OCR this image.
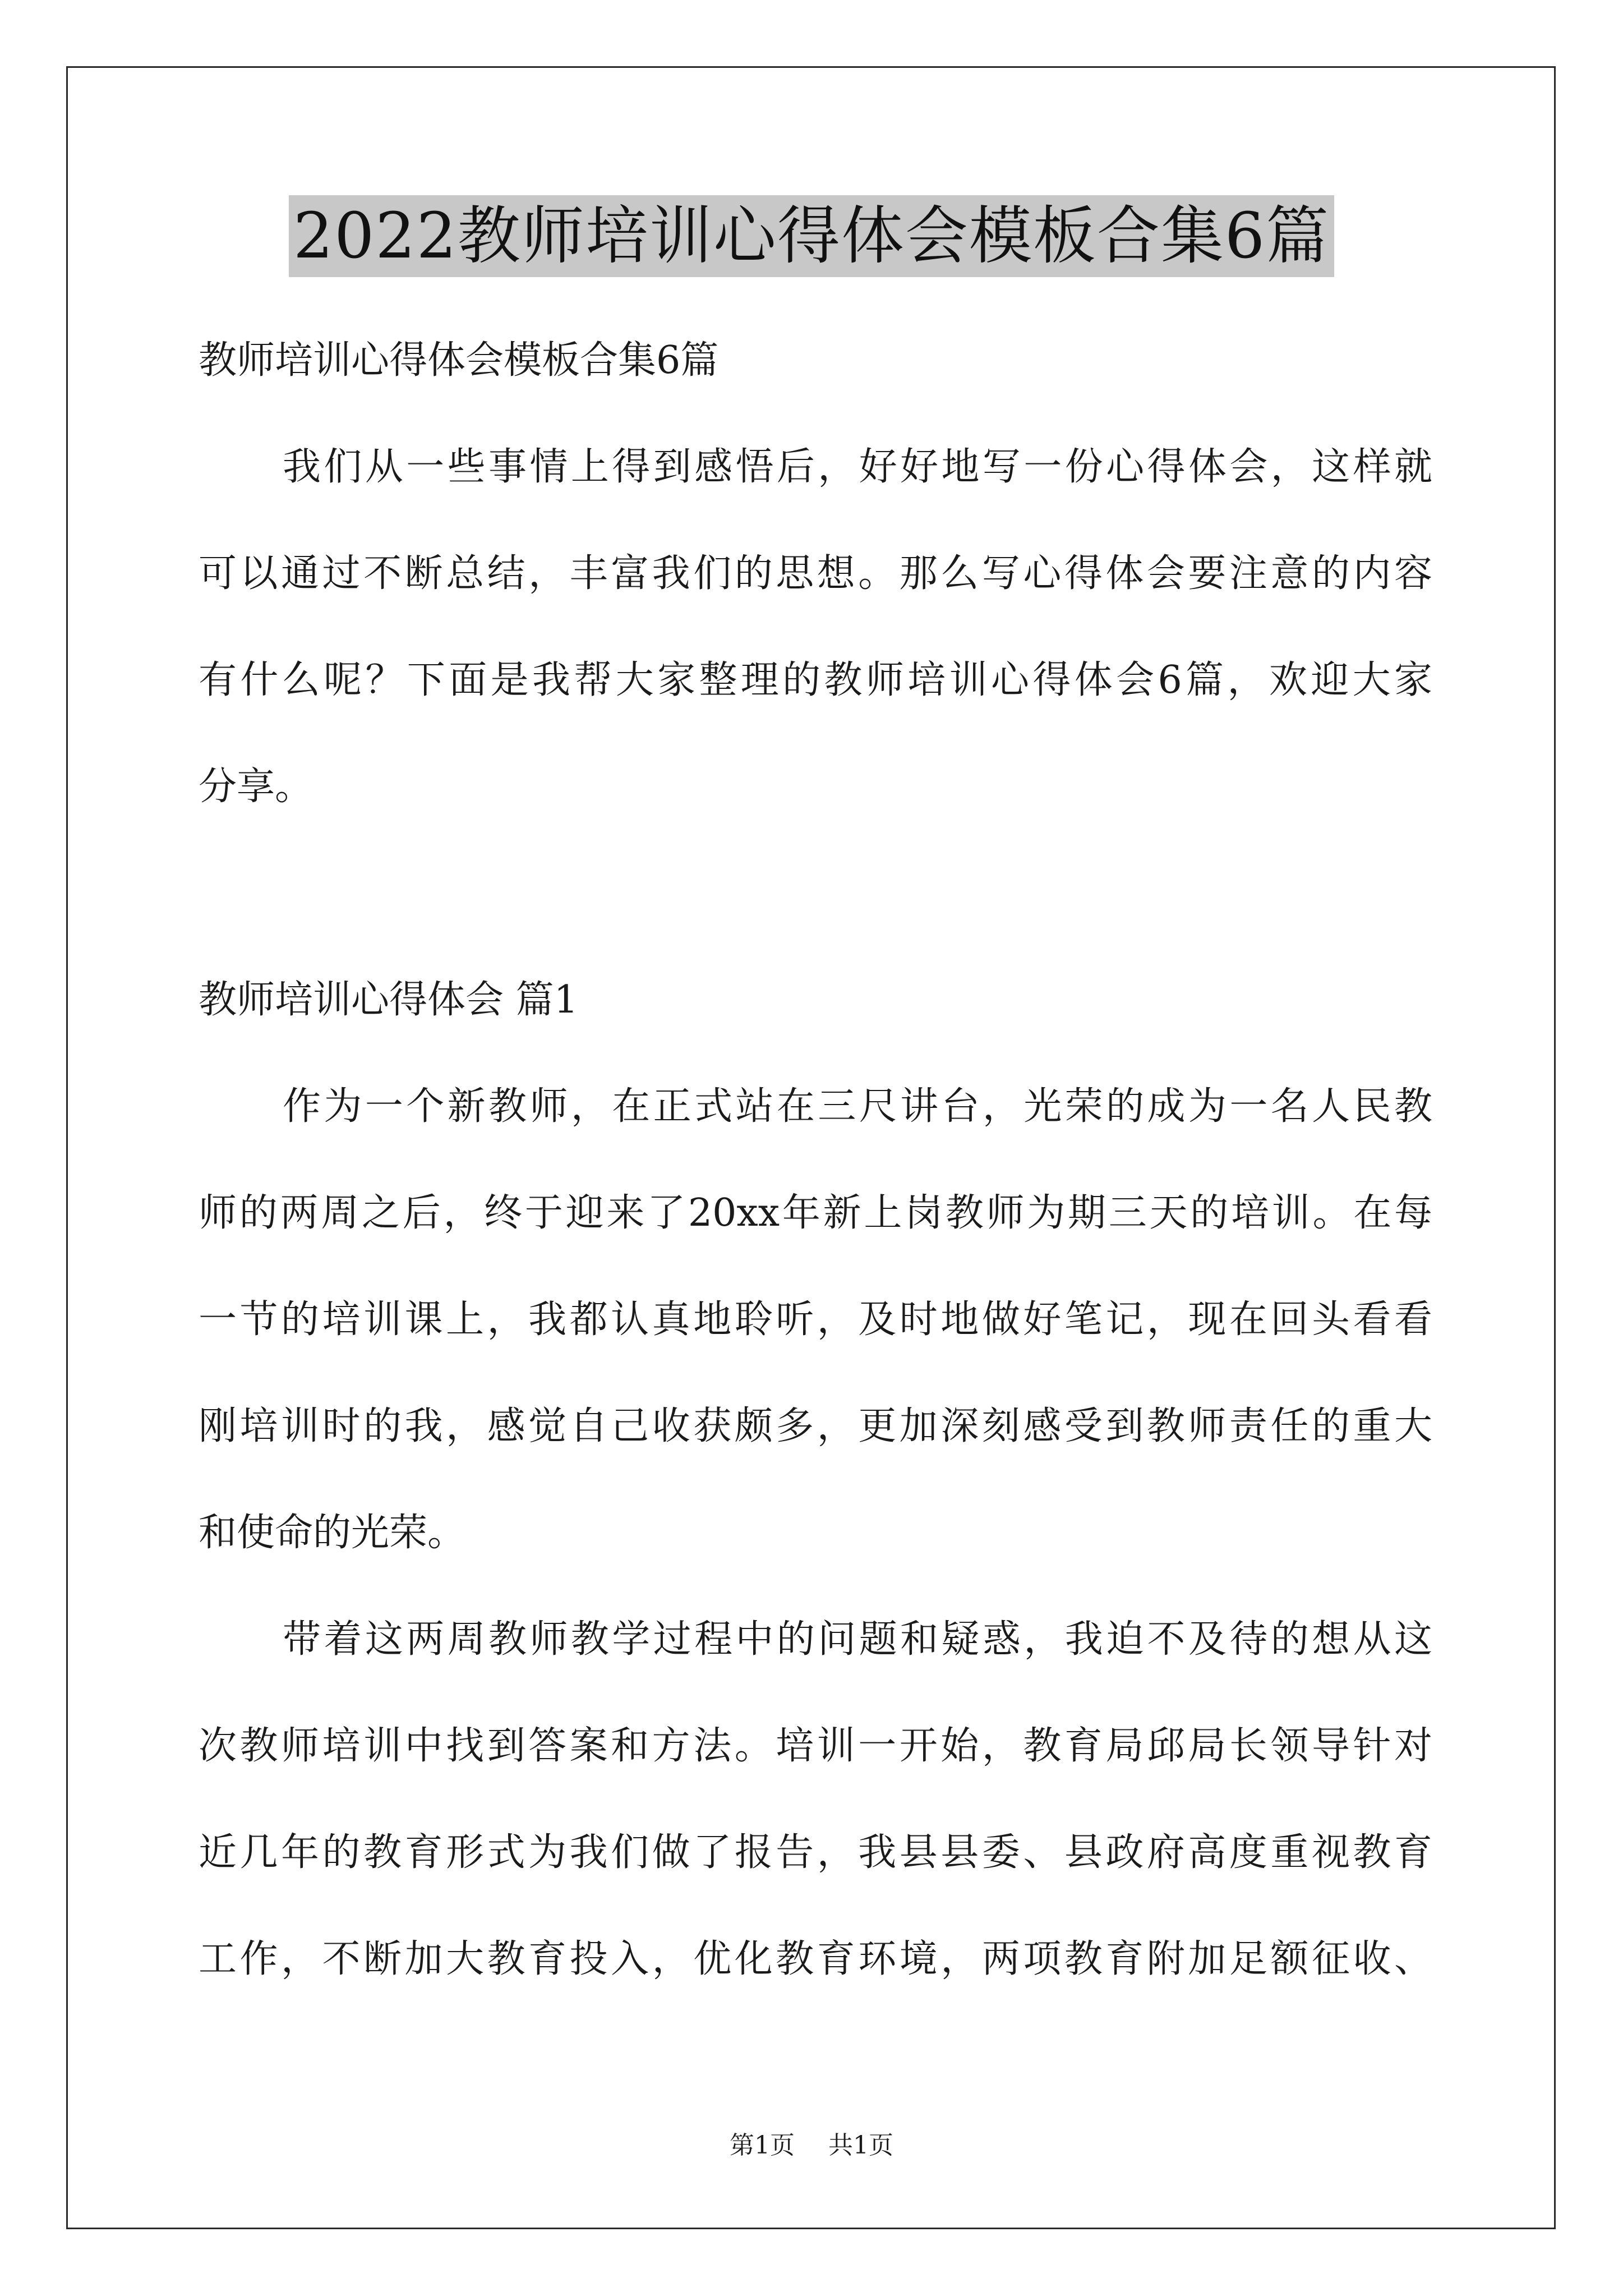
2022教师培训心得体会模板合集6篇
教师培训心得体会模板合集6篇
我们从一些事情上得到感悟后，好好地写一份心得体会，这样就
可以通过不断总结，丰富我们的思想。那么写心得体会要注意的内容
有什么呢？下面是我帮大家整理的教师培训心得体会6篇，欢迎大家
分享。
教师培训心得体会 篇1
作为一个新教师，在正式站在三尺讲台，光荣的成为一名人民教
师的两周之后，终于迎来了20xx年新上岗教师为期三天的培训。在每
一节的培训课上，我都认真地聆听，及时地做好笔记，现在回头看看
刚培训时的我，感觉自己收获颇多，更加深刻感受到教师责任的重大
和使命的光荣。
带着这两周教师教学过程中的问题和疑惑，我迫不及待的想从这
次教师培训中找到答案和方法。培训一开始，教育局邱局长领导针对
近几年的教育形式为我们做了报告，我县县委、县政府高度重视教育
工作，不断加大教育投入，优化教育环境，两项教育附加足额征收、
第1页 共1页
